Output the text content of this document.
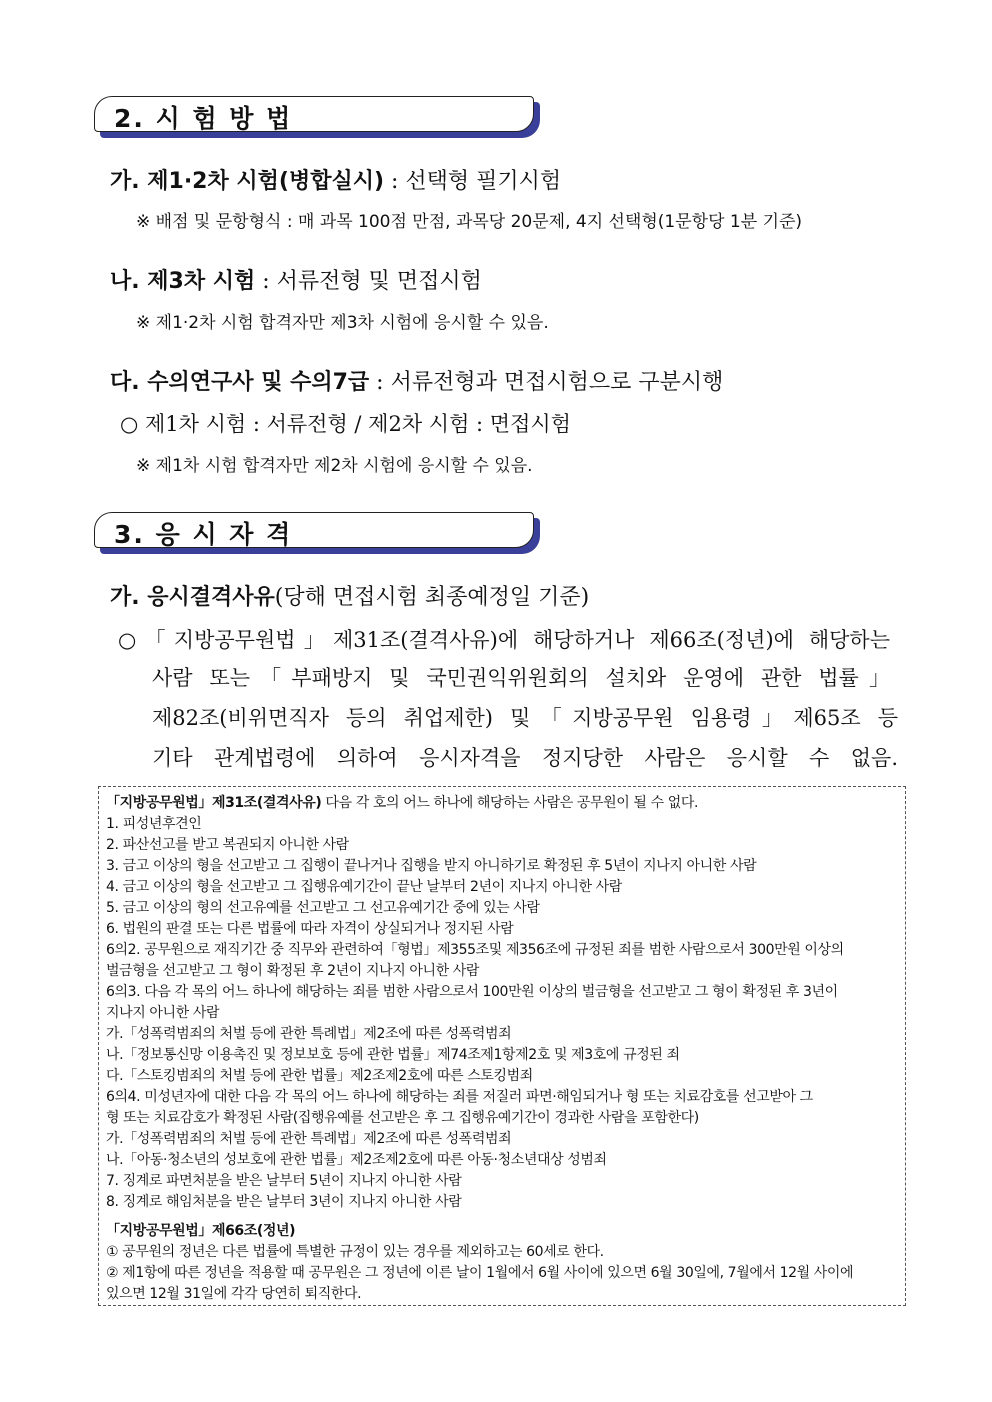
2. 시 험 방 법
가. 제1·2차 시험(병합실시) : 선택형 필기시험
※ 배점 및 문항형식 : 매 과목 100점 만점, 과목당 20문제, 4지 선택형(1문항당 1분 기준)
나. 제3차 시험 : 서류전형 및 면접시험
※ 제1·2차 시험 합격자만 제3차 시험에 응시할 수 있음.
다. 수의연구사 및 수의7급 : 서류전형과 면접시험으로 구분시행
○ 제1차 시험 : 서류전형 / 제2차 시험 : 면접시험
※ 제1차 시험 합격자만 제2차 시험에 응시할 수 있음.
3. 응 시 자 격
가. 응시결격사유(당해 면접시험 최종예정일 기준)
○「지방공무원법」제31조(결격사유)에 해당하거나 제66조(정년)에 해당하는
사람 또는「부패방지 및 국민권익위원회의 설치와 운영에 관한 법률」
제82조(비위면직자 등의 취업제한) 및「지방공무원 임용령」제65조 등
기타 관계법령에 의하여 응시자격을 정지당한 사람은 응시할 수 없음.
「지방공무원법」제31조(결격사유) 다음 각 호의 어느 하나에 해당하는 사람은 공무원이 될 수 없다.
1. 피성년후견인
2. 파산선고를 받고 복권되지 아니한 사람
3. 금고 이상의 형을 선고받고 그 집행이 끝나거나 집행을 받지 아니하기로 확정된 후 5년이 지나지 아니한 사람
4. 금고 이상의 형을 선고받고 그 집행유예기간이 끝난 날부터 2년이 지나지 아니한 사람
5. 금고 이상의 형의 선고유예를 선고받고 그 선고유예기간 중에 있는 사람
6. 법원의 판결 또는 다른 법률에 따라 자격이 상실되거나 정지된 사람
6의2. 공무원으로 재직기간 중 직무와 관련하여「형법」제355조및 제356조에 규정된 죄를 범한 사람으로서 300만원 이상의
벌금형을 선고받고 그 형이 확정된 후 2년이 지나지 아니한 사람
6의3. 다음 각 목의 어느 하나에 해당하는 죄를 범한 사람으로서 100만원 이상의 벌금형을 선고받고 그 형이 확정된 후 3년이
지나지 아니한 사람
가.「성폭력범죄의 처벌 등에 관한 특례법」제2조에 따른 성폭력범죄
나.「정보통신망 이용촉진 및 정보보호 등에 관한 법률」제74조제1항제2호 및 제3호에 규정된 죄
다.「스토킹범죄의 처벌 등에 관한 법률」제2조제2호에 따른 스토킹범죄
6의4. 미성년자에 대한 다음 각 목의 어느 하나에 해당하는 죄를 저질러 파면·해임되거나 형 또는 치료감호를 선고받아 그
형 또는 치료감호가 확정된 사람(집행유예를 선고받은 후 그 집행유예기간이 경과한 사람을 포함한다)
가.「성폭력범죄의 처벌 등에 관한 특례법」제2조에 따른 성폭력범죄
나.「아동·청소년의 성보호에 관한 법률」제2조제2호에 따른 아동·청소년대상 성범죄
7. 징계로 파면처분을 받은 날부터 5년이 지나지 아니한 사람
8. 징계로 해임처분을 받은 날부터 3년이 지나지 아니한 사람
「지방공무원법」제66조(정년)
① 공무원의 정년은 다른 법률에 특별한 규정이 있는 경우를 제외하고는 60세로 한다.
② 제1항에 따른 정년을 적용할 때 공무원은 그 정년에 이른 날이 1월에서 6월 사이에 있으면 6월 30일에, 7월에서 12월 사이에
있으면 12월 31일에 각각 당연히 퇴직한다.
